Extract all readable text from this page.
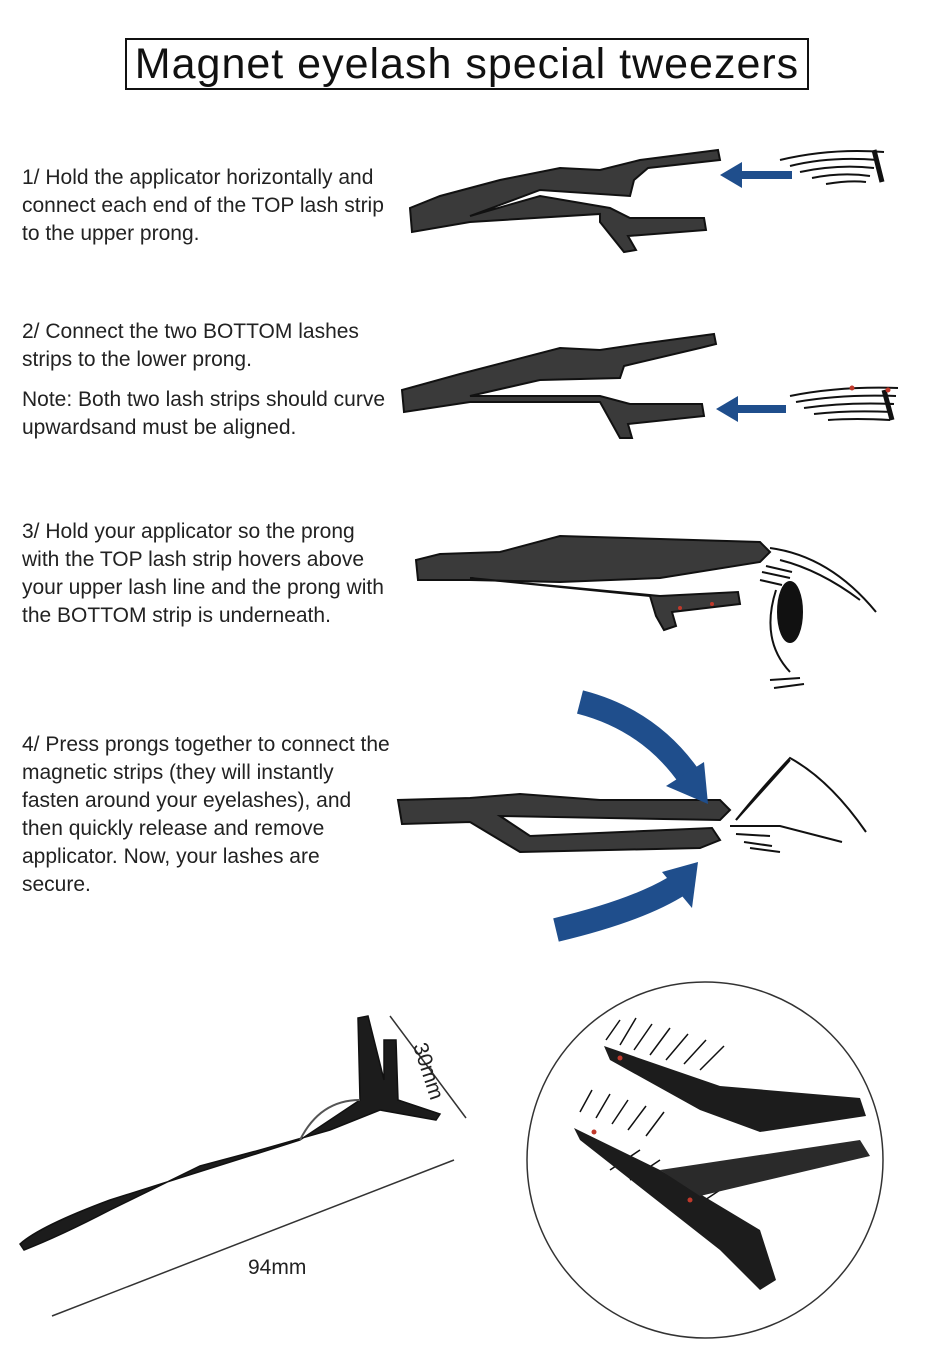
Magnet eyelash special tweezers

1/ Hold the applicator horizontally and connect each end of the TOP lash strip to the upper prong.

2/ Connect the two BOTTOM lashes strips to the lower prong.

Note: Both two lash strips should curve upwardsand must be aligned.

3/ Hold your applicator so the prong with the TOP lash strip hovers above your upper lash line and the prong with the BOTTOM strip is underneath.

4/ Press prongs together to connect the magnetic strips (they will instantly fasten around your eyelashes), and then quickly release and remove applicator. Now, your lashes are secure.

94mm
30mm
